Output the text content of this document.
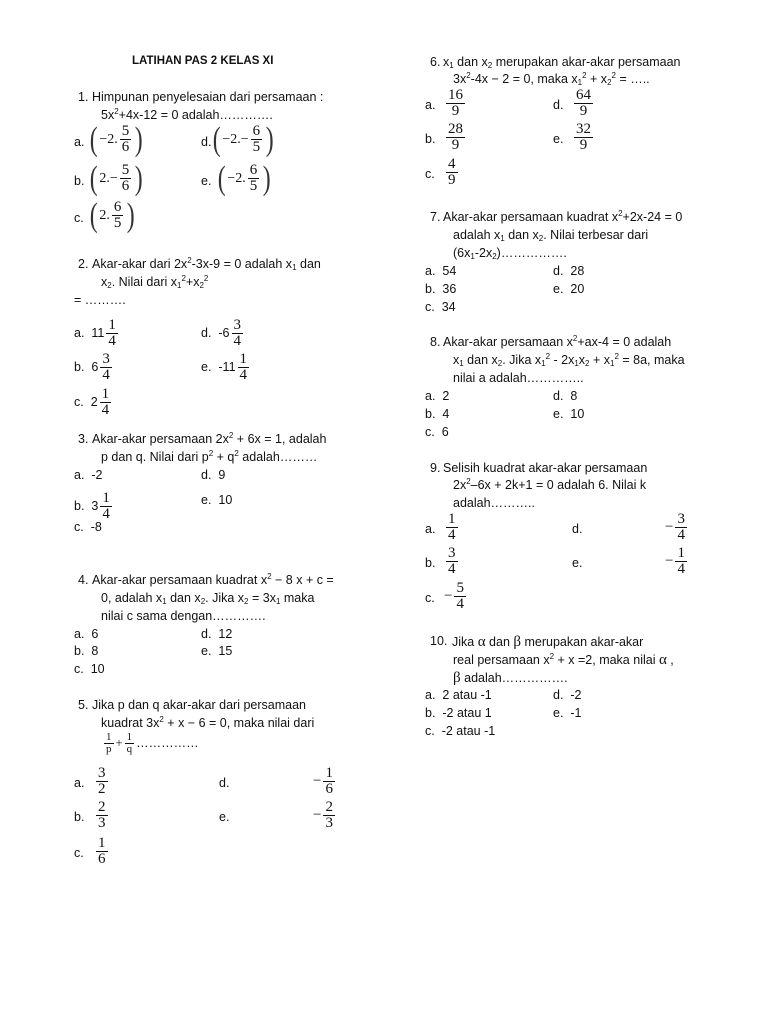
LATIHAN PAS 2 KELAS XI
1. Himpunan penyelesaian dari persamaan :
$5x^2+4x-12 = 0$ adalah………….
a. ( −2. $\frac{5}{6}$ )
b. ( $2.- \frac{5}{6}$ )
c. ( 2. $\frac{6}{5}$ )
d. ( $-2.- \frac{6}{5}$ )
e. ( −2. $\frac{6}{5}$ )
2. Akar-akar dari $2x^2-3x-9 = 0$ adalah $x_1$ dan
$x_2$. Nilai dari $x_1^2+x_2^2$
= ……….
a. $11 \frac{1}{4}$
b. $6 \frac{3}{4}$
c. $2 \frac{1}{4}$
d. $-6 \frac{3}{4}$
e. $-11 \frac{1}{4}$
3. Akar-akar persamaan $2x^2 + 6x = 1$, adalah
p dan q. Nilai dari $p^2 + q^2$ adalah………
a. -2
b. $3 \frac{1}{4}$
c. -8
d. 9
e. 10
4. Akar-akar persamaan kuadrat $x^2 - 8$ x + c =
0, adalah $x_1$ dan $x_2$. Jika $x_2 = 3x_1$ maka
nilai c sama dengan………….
a. 6
b. 8
c. 10
d. 12
e. 15
5. Jika p dan q akar-akar dari persamaan
kuadrat $3x^2 + x - 6 = 0$, maka nilai dari
$\frac{1}{p} + \frac{1}{q}$ ……………
a. $\frac{3}{2}$
b. $\frac{2}{3}$
c. $\frac{1}{6}$
d.	− $\frac{1}{6}$
e.	− $\frac{2}{3}$
6. $x_1$ dan $x_2$ merupakan akar-akar persamaan
$3x^2-4x - 2 = 0$, maka $x_1^2 + x_2^2$ = …..
a. $\frac{16}{9}$
b. $\frac{28}{9}$
c. $\frac{4}{9}$
d. $\frac{64}{9}$
e. $\frac{32}{9}$
7. Akar-akar persamaan kuadrat $x^2+2x-24 = 0$
adalah $x_1$ dan $x_2$. Nilai terbesar dari
$(6x_1-2x_2)\dots\dots\dots\dots\dots$.
a. 54
b. 36
c. 34
d. 28
e. 20
8. Akar-akar persamaan $x^2+ax-4 = 0$ adalah
$x_1$ dan $x_2$. Jika $x_1^2 - 2x_1x_2 + x_1^2 = 8a$, maka
nilai a adalah…………..
a. 2
b. 4
c. 6
d. 8
e. 10
9. Selisih kuadrat akar-akar persamaan
$2x^2-6x + 2k+1 = 0$ adalah 6. Nilai k
adalah………..
a. $\frac{1}{4}$
b. $\frac{3}{4}$
c. − $\frac{5}{4}$
d.	− $\frac{3}{4}$
e.	− $\frac{1}{4}$
10. Jika α dan β merupakan akar-akar
real persamaan $x^2 + x =2$, maka nilai α ,
β adalah…………….
a. 2 atau -1
b. -2 atau 1
c. -2 atau -1
d. -2
e. -1
